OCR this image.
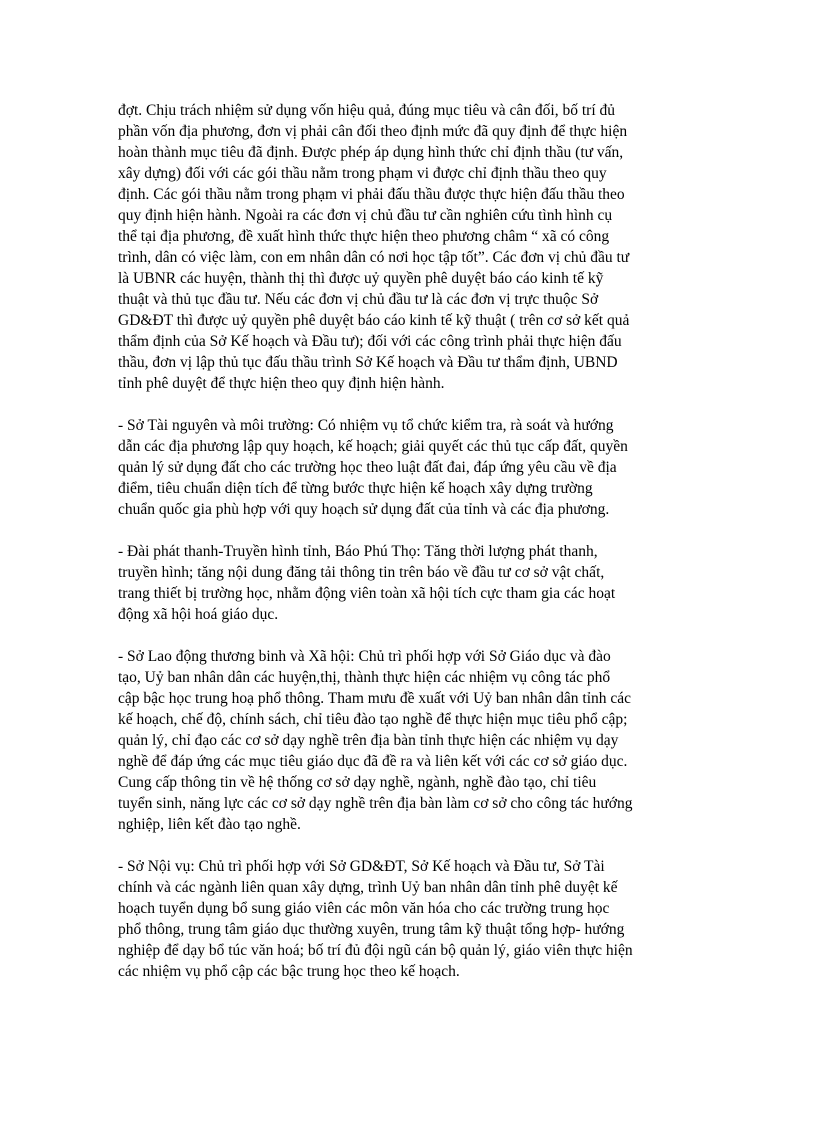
đợt. Chịu trách nhiệm sử dụng vốn hiệu quả, đúng mục tiêu và cân đối, bố trí đủ
phần vốn địa phương, đơn vị phải cân đối theo định mức đã quy định để thực hiện
hoàn thành mục tiêu đã định. Được phép áp dụng hình thức chỉ định thầu (tư vấn,
xây dựng) đối với các gói thầu nằm trong phạm vi được chỉ định thầu theo quy
định. Các gói thầu nằm trong phạm vi phải đấu thầu được thực hiện đấu thầu theo
quy định hiện hành. Ngoài ra các đơn vị chủ đầu tư cần nghiên cứu tình hình cụ
thể tại địa phương, đề xuất hình thức thực hiện theo phương châm “ xã có công
trình, dân có việc làm, con em nhân dân có nơi học tập tốt”. Các đơn vị chủ đầu tư
là UBNR các huyện, thành thị thì được uỷ quyền phê duyệt báo cáo kinh tế kỹ
thuật và thủ tục đầu tư. Nếu các đơn vị chủ đầu tư là các đơn vị trực thuộc Sở
GD&ĐT thì được uỷ quyền phê duyệt báo cáo kinh tế kỹ thuật ( trên cơ sở kết quả
thẩm định của Sở Kế hoạch và Đầu tư); đối với các công trình phải thực hiện đấu
thầu, đơn vị lập thủ tục đấu thầu trình Sở Kế hoạch và Đầu tư thẩm định, UBND
tỉnh phê duyệt để thực hiện theo quy định hiện hành.
- Sở Tài nguyên và môi trường: Có nhiệm vụ tổ chức kiểm tra, rà soát và hướng
dẫn các địa phương lập quy hoạch, kế hoạch; giải quyết các thủ tục cấp đất, quyền
quản lý sử dụng đất cho các trường học theo luật đất đai, đáp ứng yêu cầu về địa
điểm, tiêu chuẩn diện tích để từng bước thực hiện kế hoạch xây dựng trường
chuẩn quốc gia phù hợp với quy hoạch sử dụng đất của tỉnh và các địa phương.
- Đài phát thanh-Truyền hình tỉnh, Báo Phú Thọ: Tăng thời lượng phát thanh,
truyền hình; tăng nội dung đăng tải thông tin trên báo về đầu tư cơ sở vật chất,
trang thiết bị trường học, nhằm động viên toàn xã hội tích cực tham gia các hoạt
động xã hội hoá giáo dục.
- Sở Lao động thương binh và Xã hội: Chủ trì phối hợp với Sở Giáo dục và đào
tạo, Uỷ ban nhân dân các huyện,thị, thành thực hiện các nhiệm vụ công tác phổ
cập bậc học trung hoạ phổ thông. Tham mưu đề xuất với Uỷ ban nhân dân tỉnh các
kế hoạch, chế độ, chính sách, chỉ tiêu đào tạo nghề để thực hiện mục tiêu phổ cập;
quản lý, chỉ đạo các cơ sở dạy nghề trên địa bàn tỉnh thực hiện các nhiệm vụ dạy
nghề để đáp ứng các mục tiêu giáo dục đã đề ra và liên kết với các cơ sở giáo dục.
Cung cấp thông tin về hệ thống cơ sở dạy nghề, ngành, nghề đào tạo, chỉ tiêu
tuyển sinh, năng lực các cơ sở dạy nghề trên địa bàn làm cơ sở cho công tác hướng
nghiệp, liên kết đào tạo nghề.
- Sở Nội vụ: Chủ trì phối hợp với Sở GD&ĐT, Sở Kế hoạch và Đầu tư, Sở Tài
chính và các ngành liên quan xây dựng, trình Uỷ ban nhân dân tỉnh phê duyệt kế
hoạch tuyển dụng bổ sung giáo viên các môn văn hóa cho các trường trung học
phổ thông, trung tâm giáo dục thường xuyên, trung tâm kỹ thuật tổng hợp- hướng
nghiệp để dạy bổ túc văn hoá; bố trí đủ đội ngũ cán bộ quản lý, giáo viên thực hiện
các nhiệm vụ phổ cập các bậc trung học theo kế hoạch.
